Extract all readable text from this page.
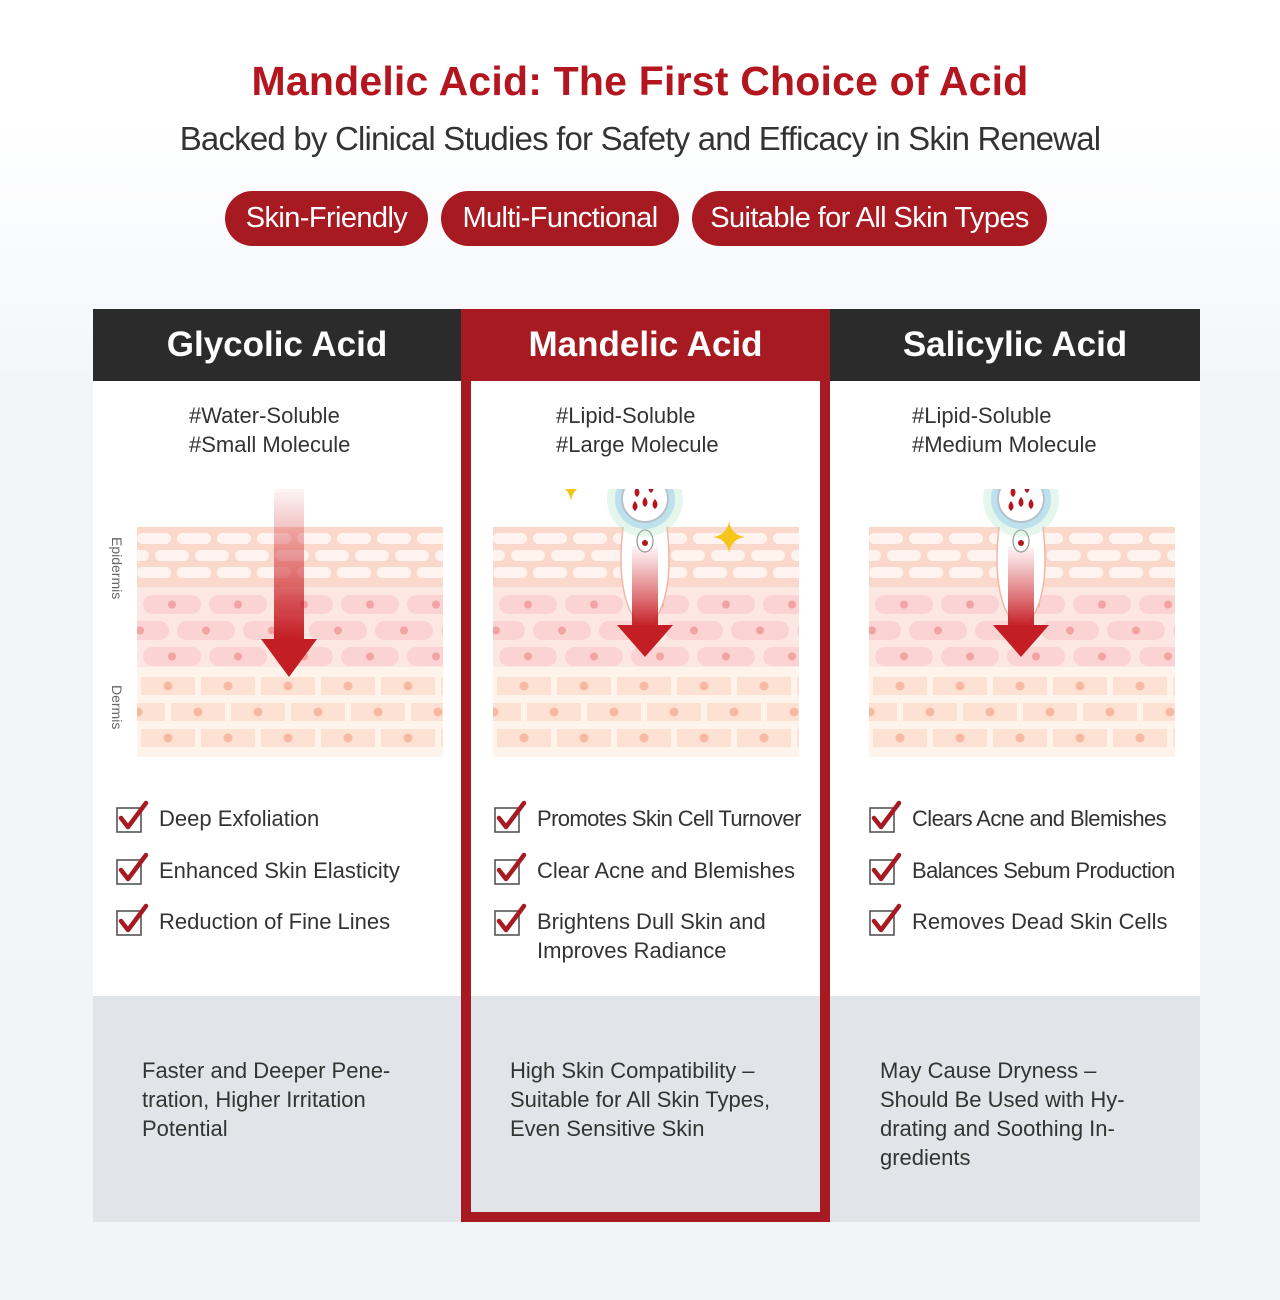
Mandelic Acid: The First Choice of Acid
Backed by Clinical Studies for Safety and Efficacy in Skin Renewal
Skin-Friendly	Multi-Functional	Suitable for All Skin Types
Glycolic Acid
#Water-Soluble
#Small Molecule
Epidermis
Dermis
Deep Exfoliation
Enhanced Skin Elasticity
Reduction of Fine Lines
Faster and Deeper Pene-
tration, Higher Irritation
Potential
Mandelic Acid
#Lipid-Soluble
#Large Molecule
Promotes Skin Cell Turnover
Clear Acne and Blemishes
Brightens Dull Skin and
Improves Radiance
High Skin Compatibility –
Suitable for All Skin Types,
Even Sensitive Skin
Salicylic Acid
#Lipid-Soluble
#Medium Molecule
Clears Acne and Blemishes
Balances Sebum Production
Removes Dead Skin Cells
May Cause Dryness –
Should Be Used with Hy-
drating and Soothing In-
gredients
